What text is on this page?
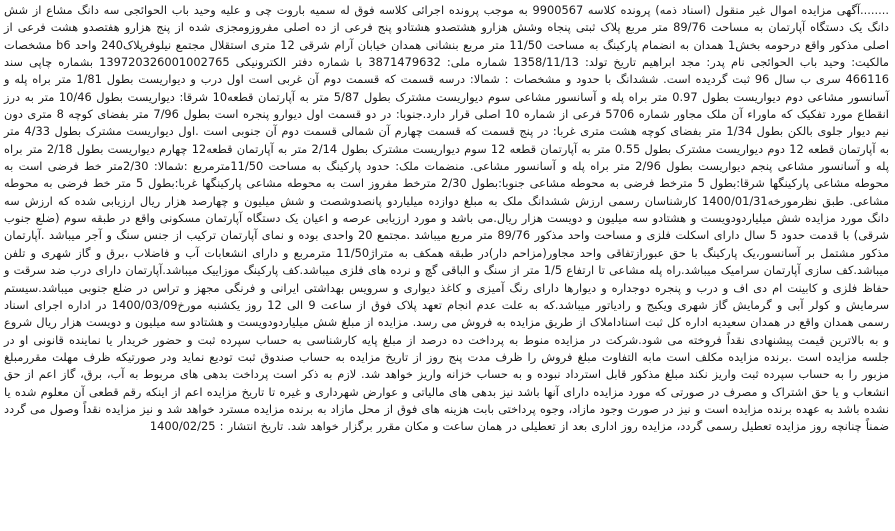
........آگهی مزایده اموال غیر منقول (اسناد ذمه) پرونده کلاسه 9900567 به موجب پرونده اجرائی کلاسه فوق له سمیه باروت چی و علیه وحید باب الحوائجی سه دانگ مشاع از شش دانگ یک دستگاه آپارتمان به مساحت 89/76 متر مربع پلاک ثبتی پنجاه وشش هزارو هشتصدو هشتادو پنج فرعی از ده اصلی مفروزومجزی شده از پنج هزارو هفتصدو هشت فرعی از اصلی مذکور واقع درحومه بخش1 همدان به انضمام پارکینگ به مساحت 11/50 متر مربع بنشانی همدان خیابان آرام شرقی 12 متری استقلال مجتمع نیلوفرپلاک240 واحد b6 مشخصات مالکیت: وحید باب الحوائجی نام پدر: مجد ابراهیم تاریخ تولد: 1358/11/13 شماره ملی: 3871479632 با شماره دفتر الکترونیکی 139720326001002765 بشماره چاپی سند 466116 سری ب سال 96 ثبت گردیده است. ششدانگ با حدود و مشخصات : شمالا: درسه قسمت که قسمت دوم آن غربی است اول درب و دیواریست بطول 1/81 متر براه پله و آسانسور مشاعی دوم دیواریست بطول 0.97 متر براه پله و آسانسور مشاعی سوم دیواریست مشترک بطول 5/87 متر به آپارتمان قطعه10 شرقا: دیواریست بطول 10/46 متر به درز انقطاع مورد تفکیک که ماوراء آن ملک مجاور شماره 5706 فرعی از شماره 10 اصلی قرار دارد.جنوبا: در دو قسمت اول دیوارو پنجره است بطول 7/96 متر بفضای کوچه 8 متری دون نیم دیوار جلوی بالکن بطول 1/34 متر بفضای کوچه هشت متری غربا: در پنج قسمت که قسمت چهارم آن شمالی قسمت دوم آن جنوبی است .اول دیواریست مشترک بطول 4/33 متر به آپارتمان قطعه 12 دوم دیواریست مشترک بطول 0.55 متر به آپارتمان قطعه 12 سوم دیواریست مشترک بطول 2/14 متر به آپارتمان قطعه12 چهارم دیواریست بطول 2/18 متر براه پله و آسانسور مشاعی پنجم دیواریست بطول 2/96 متر براه پله و آسانسور مشاعی. منضمات ملک: حدود پارکینگ به مساحت 11/50مترمربع :شمالا: 2/30متر خط فرضی است به محوطه مشاعی پارکینگها شرقا:بطول 5 مترخط فرضی به محوطه مشاعی جنوبا:بطول 2/30 مترخط مفروز است به محوطه مشاعی پارکینگها غربا:بطول 5 متر خط فرضی به محوطه مشاعی. طبق نظرمورخه1400/01/31 کارشناسان رسمی ارزش ششدانگ ملک به مبلغ دوازده میلیاردو پانصدوشصت و شش میلیون و چهارصد هزار ریال ارزیابی شده که ارزش سه دانگ مورد مزایده شش میلیاردودویست و هشتادو سه میلیون و دویست هزار ریال.می باشد و مورد ارزیابی عرصه و اعیان یک دستگاه آپارتمان مسکونی واقع در طبقه سوم (ضلع جنوب شرقی) با قدمت حدود 5 سال دارای اسکلت فلزی و مساحت واحد مذکور 89/76 متر مربع میباشد .مجتمع 20 واحدی بوده و نمای آپارتمان ترکیب از جنس سنگ و آجر میباشد .آپارتمان مذکور مشتمل بر آسانسور،یک پارکینگ با حق عبورازتفاقی واحد مجاور(مزاحم دار)در طبقه همکف به متراژ11/50 مترمربع و دارای انشعابات آب و فاضلاب ،برق و گاز شهری و تلفن میباشد.کف سازی آپارتمان سرامیک میباشد.راه پله مشاعی تا ارتفاع 1/5 متر از سنگ و الباقی گچ و نرده های فلزی میباشد.کف پارکینگ موزاییک میباشد.آپارتمان دارای درب ضد سرقت و حفاظ فلزی و کابینت ام دی اف و درب و پنجره دوجداره و دیوارها دارای رنگ آمیزی و کاغذ دیواری و سرویس بهداشتی ایرانی و فرنگی مجهز و تراس در ضلع جنوبی میباشد.سیستم سرمایش و کولر آبی و گرمایش گاز شهری ویکیج و رادیاتور میباشد.که به علت عدم انجام تعهد پلاک فوق از ساعت 9 الی 12 روز یکشنبه مورخ1400/03/09 در اداره اجرای اسناد رسمی همدان واقع در همدان سعیدیه اداره کل ثبت اسناداملاک از طریق مزایده به فروش می رسد. مزایده از مبلغ شش میلیاردودویست و هشتادو سه میلیون و دویست هزار ریال شروع و به بالاترین قیمت پیشنهادی نقداً فروخته می شود.شرکت در مزایده منوط به پرداخت ده درصد از مبلغ پایه کارشناسی به حساب سپرده ثبت و حضور خریدار یا نماینده قانونی او در جلسه مزایده است .برنده مزایده مکلف است مابه التفاوت مبلغ فروش را ظرف مدت پنج روز از تاریخ مزایده به حساب صندوق ثبت تودیع نماید ودر صورتیکه ظرف مهلت مقررمبلغ مزبور را به حساب سپرده ثبت واریز نکند مبلغ مذکور قابل استرداد نبوده و به حساب خزانه واریز خواهد شد. لازم به ذکر است پرداخت بدهی های مربوط به آب، برق، گاز اعم از حق انشعاب و یا حق اشتراک و مصرف در صورتی که مورد مزایده دارای آنها باشد نیز بدهی های مالیاتی و عوارض شهرداری و غیره تا تاریخ مزایده اعم از اینکه رقم قطعی آن معلوم شده یا نشده باشد به عهده برنده مزایده است و نیز در صورت وجود مازاد، وجوه پرداختی بابت هزینه های فوق از محل مازاد به برنده مزایده مسترد خواهد شد و نیز مزایده نقداً وصول می گردد ضمناً چنانچه روز مزایده تعطیل رسمی گردد، مزایده روز اداری بعد از تعطیلی در همان ساعت و مکان مقرر برگزار خواهد شد. تاریخ انتشار : 1400/02/25
